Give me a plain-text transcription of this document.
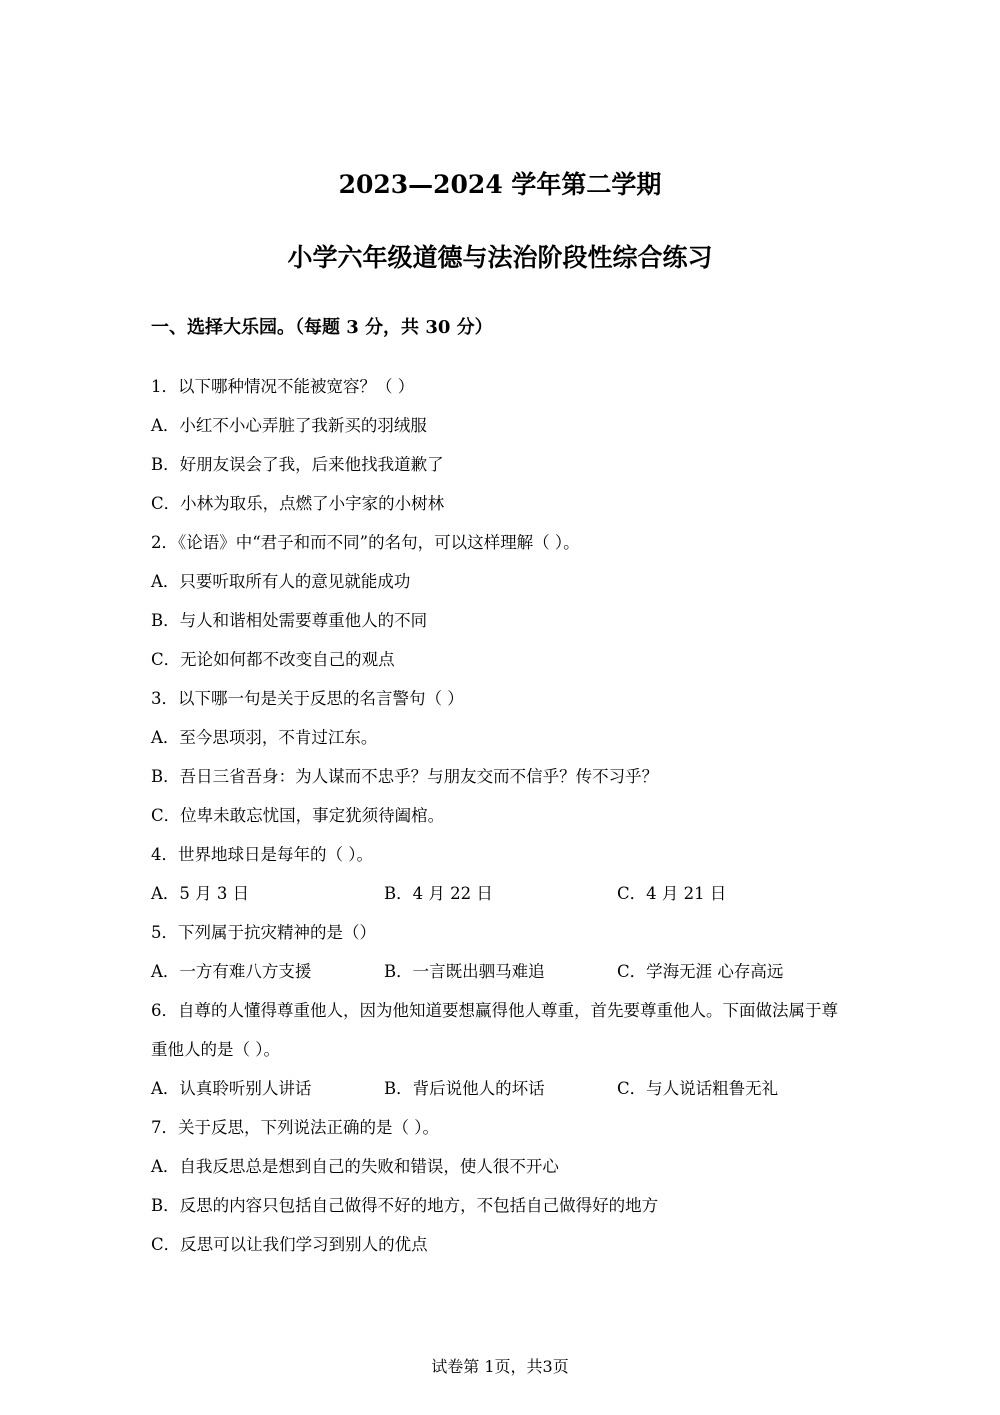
2023—2024 学年第二学期
小学六年级道德与法治阶段性综合练习
一、选择大乐园。（每题 3 分，共 30 分）
1．以下哪种情况不能被宽容？（ ）
A．小红不小心弄脏了我新买的羽绒服
B．好朋友误会了我，后来他找我道歉了
C．小林为取乐，点燃了小宇家的小树林
2．《论语》中“君子和而不同”的名句，可以这样理解（ ）。
A．只要听取所有人的意见就能成功
B．与人和谐相处需要尊重他人的不同
C．无论如何都不改变自己的观点
3．以下哪一句是关于反思的名言警句（ ）
A．至今思项羽，不肯过江东。
B．吾日三省吾身：为人谋而不忠乎？与朋友交而不信乎？传不习乎？
C．位卑未敢忘忧国，事定犹须待阖棺。
4．世界地球日是每年的（ ）。
A．5 月 3 日	B．4 月 22 日	C．4 月 21 日
5．下列属于抗灾精神的是（）
A．一方有难八方支援	B．一言既出驷马难追	C．学海无涯 心存高远
6．自尊的人懂得尊重他人，因为他知道要想赢得他人尊重，首先要尊重他人。下面做法属于尊重他人的是（ ）。
A．认真聆听别人讲话	B．背后说他人的坏话	C．与人说话粗鲁无礼
7．关于反思，下列说法正确的是（ ）。
A．自我反思总是想到自己的失败和错误，使人很不开心
B．反思的内容只包括自己做得不好的地方，不包括自己做得好的地方
C．反思可以让我们学习到别人的优点
试卷第 1页，共3页
